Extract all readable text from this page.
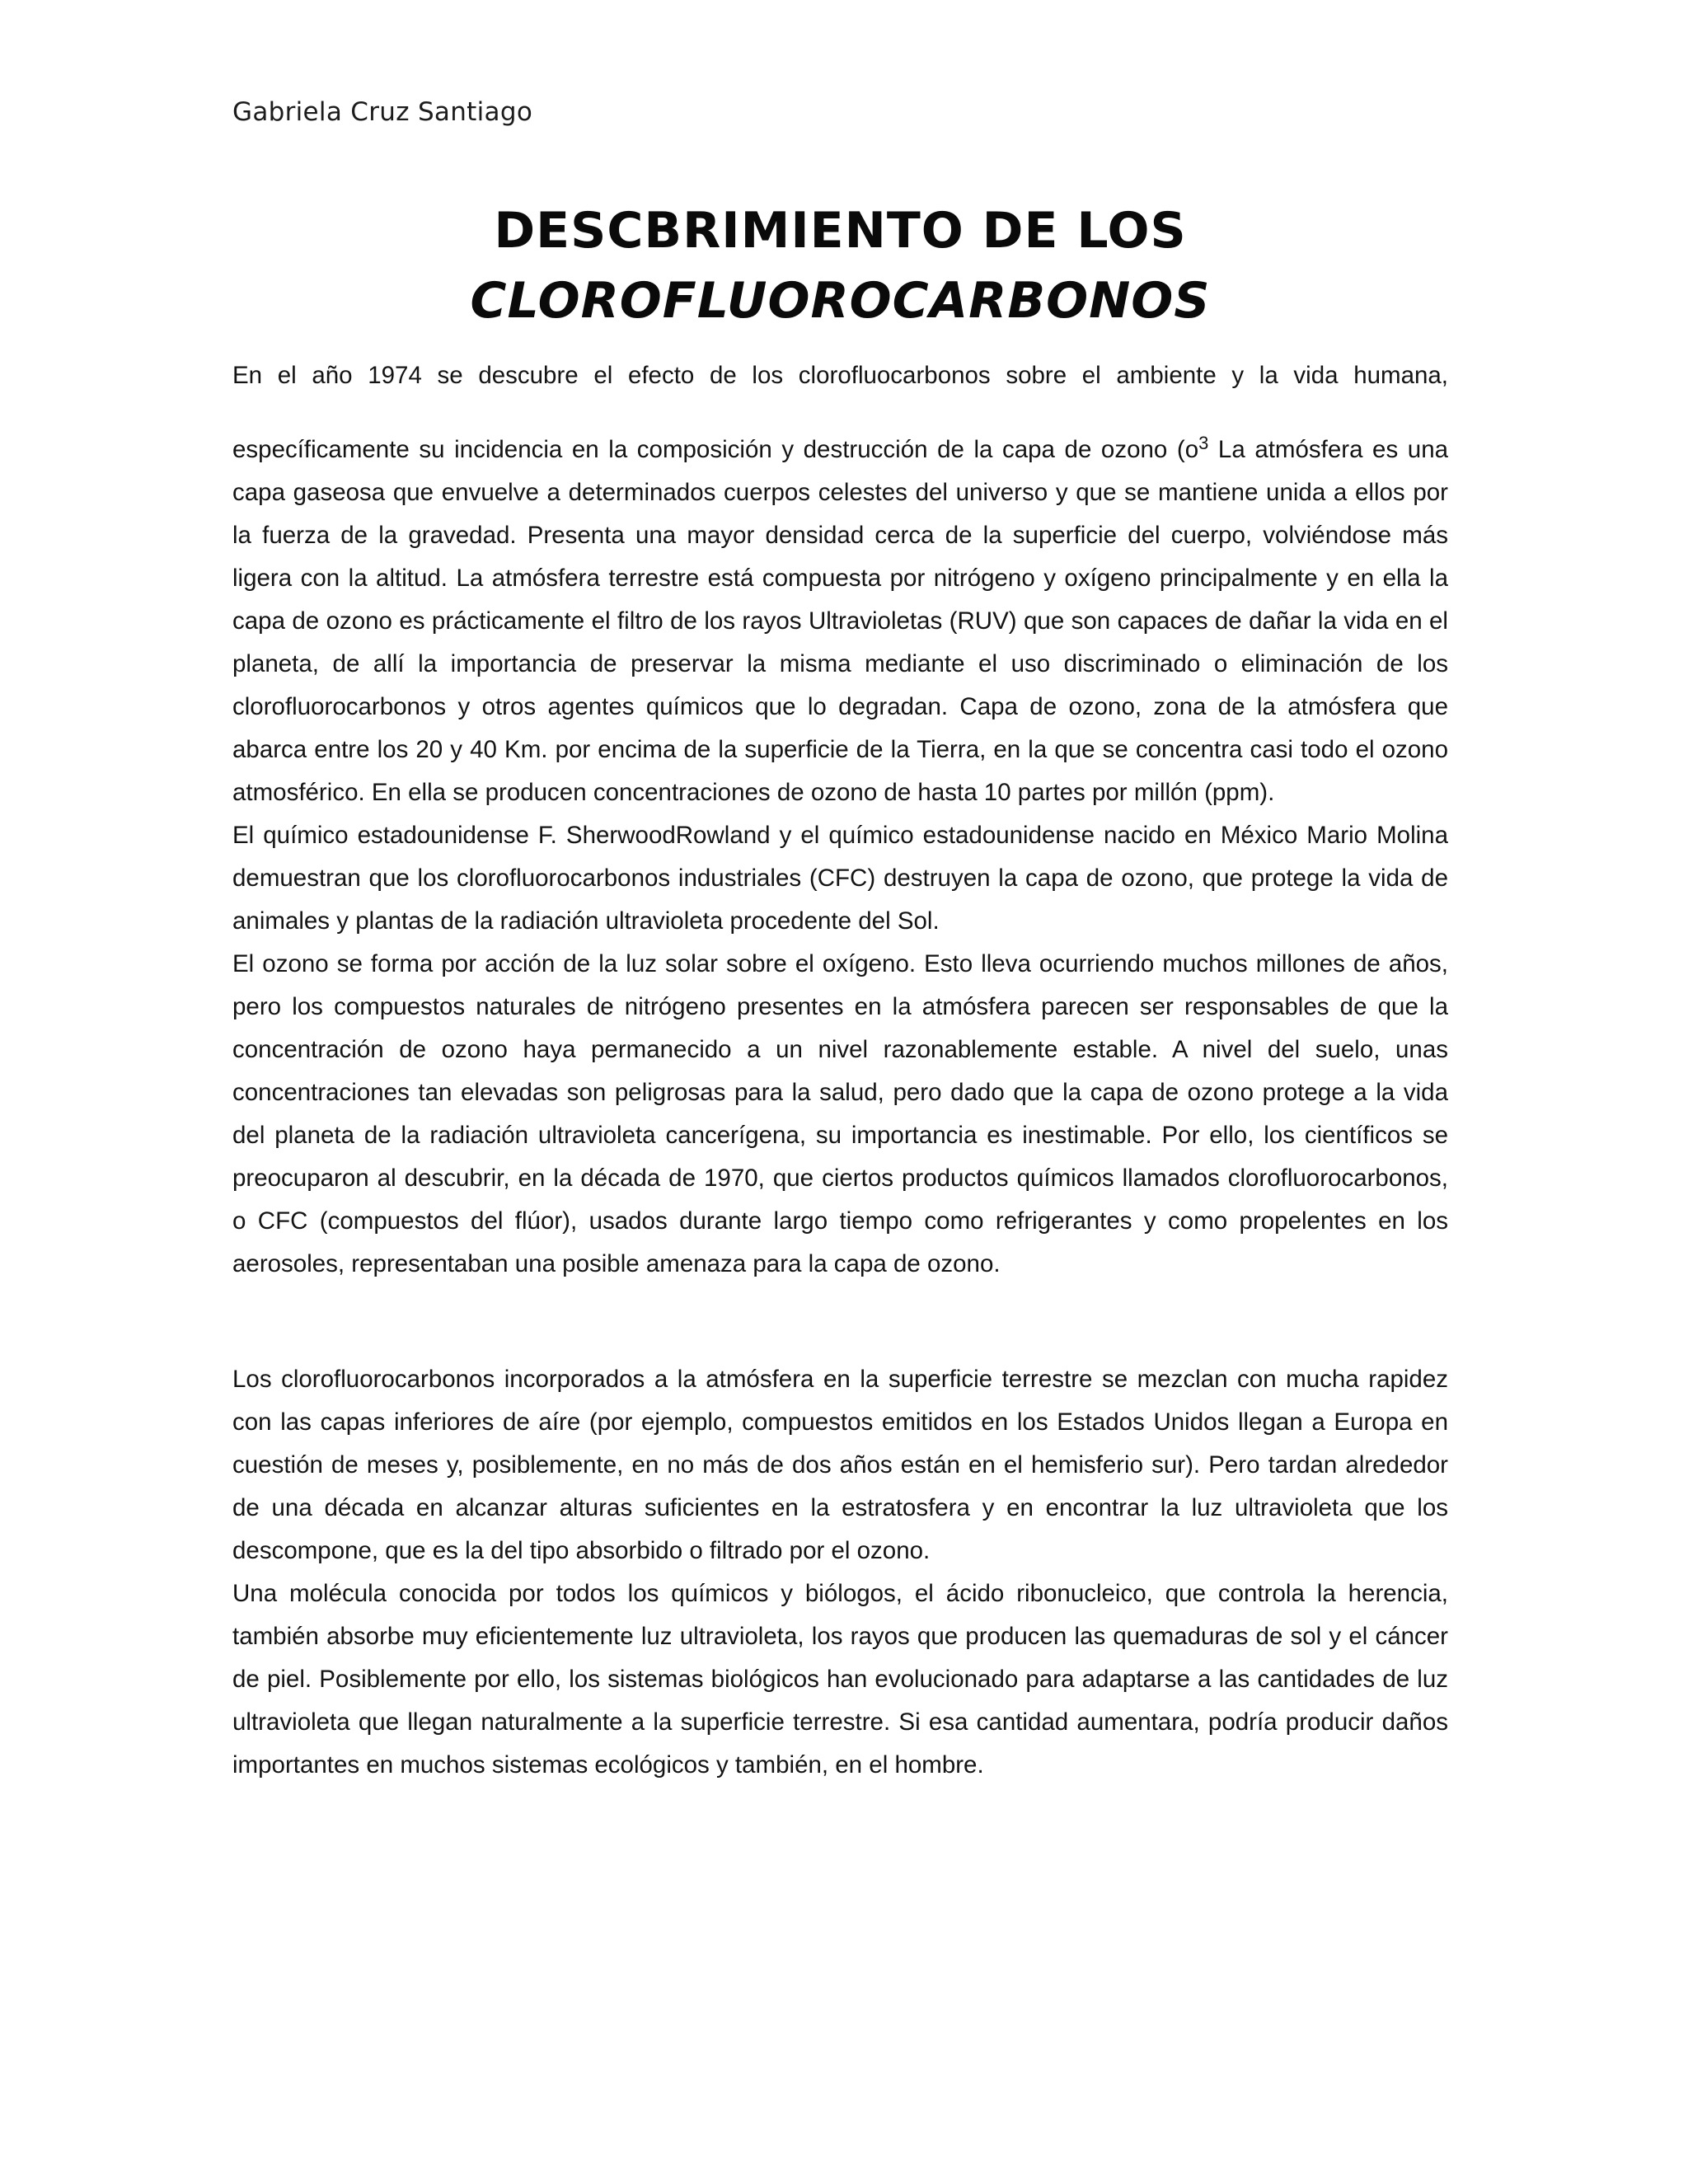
Gabriela Cruz Santiago
DESCBRIMIENTO DE LOS
CLOROFLUOROCARBONOS

En el año 1974 se descubre el efecto de los clorofluocarbonos sobre el ambiente y la vida humana,

específicamente su incidencia en la composición y destrucción de la capa de ozono ($o^3$ La atmósfera es una capa gaseosa que envuelve a determinados cuerpos celestes del universo y que se mantiene unida a ellos por la fuerza de la gravedad. Presenta una mayor densidad cerca de la superficie del cuerpo, volviéndose más ligera con la altitud. La atmósfera terrestre está compuesta por nitrógeno y oxígeno principalmente y en ella la capa de ozono es prácticamente el filtro de los rayos Ultravioletas (RUV) que son capaces de dañar la vida en el planeta, de allí la importancia de preservar la misma mediante el uso discriminado o eliminación de los clorofluorocarbonos y otros agentes químicos que lo degradan. Capa de ozono, zona de la atmósfera que abarca entre los 20 y 40 Km. por encima de la superficie de la Tierra, en la que se concentra casi todo el ozono atmosférico. En ella se producen concentraciones de ozono de hasta 10 partes por millón (ppm).

El químico estadounidense F. SherwoodRowland y el químico estadounidense nacido en México Mario Molina demuestran que los clorofluorocarbonos industriales (CFC) destruyen la capa de ozono, que protege la vida de animales y plantas de la radiación ultravioleta procedente del Sol.

El ozono se forma por acción de la luz solar sobre el oxígeno. Esto lleva ocurriendo muchos millones de años, pero los compuestos naturales de nitrógeno presentes en la atmósfera parecen ser responsables de que la concentración de ozono haya permanecido a un nivel razonablemente estable. A nivel del suelo, unas concentraciones tan elevadas son peligrosas para la salud, pero dado que la capa de ozono protege a la vida del planeta de la radiación ultravioleta cancerígena, su importancia es inestimable. Por ello, los científicos se preocuparon al descubrir, en la década de 1970, que ciertos productos químicos llamados clorofluorocarbonos, o CFC (compuestos del flúor), usados durante largo tiempo como refrigerantes y como propelentes en los aerosoles, representaban una posible amenaza para la capa de ozono.

Los clorofluorocarbonos incorporados a la atmósfera en la superficie terrestre se mezclan con mucha rapidez con las capas inferiores de aíre (por ejemplo, compuestos emitidos en los Estados Unidos llegan a Europa en cuestión de meses y, posiblemente, en no más de dos años están en el hemisferio sur). Pero tardan alrededor de una década en alcanzar alturas suficientes en la estratosfera y en encontrar la luz ultravioleta que los descompone, que es la del tipo absorbido o filtrado por el ozono.

Una molécula conocida por todos los químicos y biólogos, el ácido ribonucleico, que controla la herencia, también absorbe muy eficientemente luz ultravioleta, los rayos que producen las quemaduras de sol y el cáncer de piel. Posiblemente por ello, los sistemas biológicos han evolucionado para adaptarse a las cantidades de luz ultravioleta que llegan naturalmente a la superficie terrestre. Si esa cantidad aumentara, podría producir daños importantes en muchos sistemas ecológicos y también, en el hombre.
